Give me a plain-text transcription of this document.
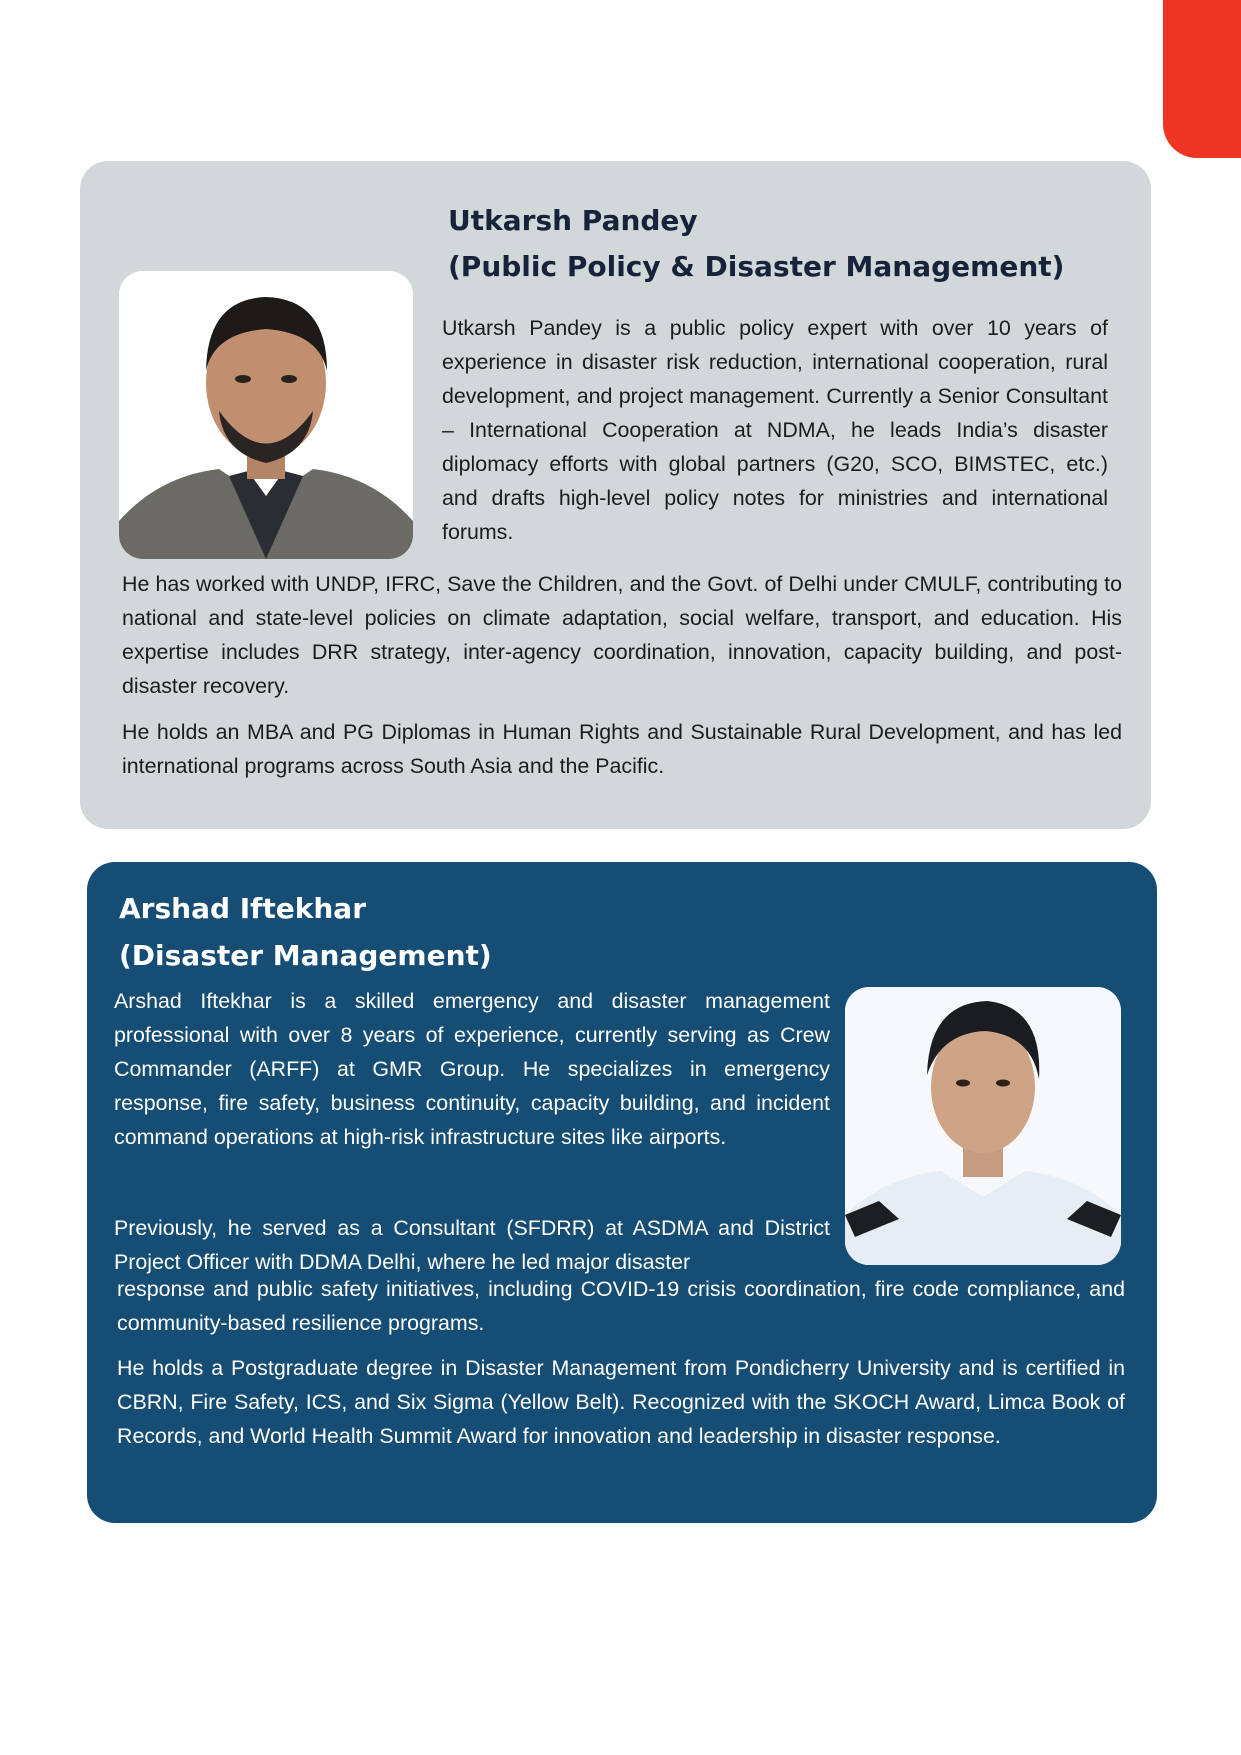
Utkarsh Pandey
(Public Policy & Disaster Management)

Utkarsh Pandey is a public policy expert with over 10 years of experience in disaster risk reduction, international cooperation, rural development, and project management. Currently a Senior Consultant – International Cooperation at NDMA, he leads India’s disaster diplomacy efforts with global partners (G20, SCO, BIMSTEC, etc.) and drafts high-level policy notes for ministries and international forums.

He has worked with UNDP, IFRC, Save the Children, and the Govt. of Delhi under CMULF, contributing to national and state-level policies on climate adaptation, social welfare, transport, and education. His expertise includes DRR strategy, inter-agency coordination, innovation, capacity building, and post-disaster recovery.

He holds an MBA and PG Diplomas in Human Rights and Sustainable Rural Development, and has led international programs across South Asia and the Pacific.

Arshad Iftekhar
(Disaster Management)

Arshad Iftekhar is a skilled emergency and disaster management professional with over 8 years of experience, currently serving as Crew Commander (ARFF) at GMR Group. He specializes in emergency response, fire safety, business continuity, capacity building, and incident command operations at high-risk infrastructure sites like airports.

Previously, he served as a Consultant (SFDRR) at ASDMA and District Project Officer with DDMA Delhi, where he led major disaster

response and public safety initiatives, including COVID-19 crisis coordination, fire code compliance, and community-based resilience programs.

He holds a Postgraduate degree in Disaster Management from Pondicherry University and is certified in CBRN, Fire Safety, ICS, and Six Sigma (Yellow Belt). Recognized with the SKOCH Award, Limca Book of Records, and World Health Summit Award for innovation and leadership in disaster response.
